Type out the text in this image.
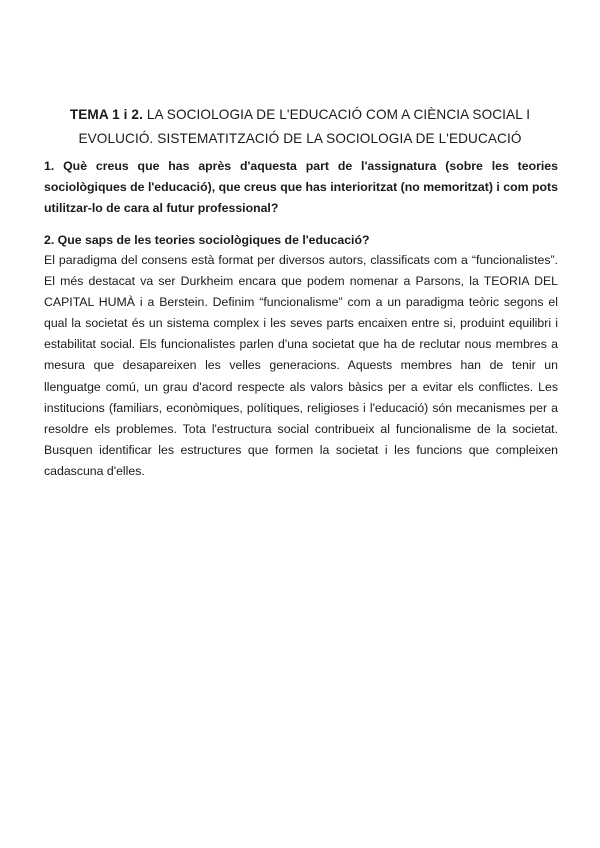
TEMA 1 i 2. LA SOCIOLOGIA DE L'EDUCACIÓ COM A CIÈNCIA SOCIAL I EVOLUCIÓ. SISTEMATITZACIÓ DE LA SOCIOLOGIA DE L'EDUCACIÓ
1. Què creus que has après d'aquesta part de l'assignatura (sobre les teories sociològiques de l'educació), que creus que has interioritzat (no memoritzat) i com pots utilitzar-lo de cara al futur professional?
2. Que saps de les teories sociològiques de l'educació?
El paradigma del consens està format per diversos autors, classificats com a “funcionalistes”. El més destacat va ser Durkheim encara que podem nomenar a Parsons, la TEORIA DEL CAPITAL HUMÀ i a Berstein. Definim “funcionalisme” com a un paradigma teòric segons el qual la societat és un sistema complex i les seves parts encaixen entre si, produint equilibri i estabilitat social. Els funcionalistes parlen d'una societat que ha de reclutar nous membres a mesura que desapareixen les velles generacions. Aquests membres han de tenir un llenguatge comú, un grau d'acord respecte als valors bàsics per a evitar els conflictes. Les institucions (familiars, econòmiques, polítiques, religioses i l'educació) són mecanismes per a resoldre els problemes. Tota l'estructura social contribueix al funcionalisme de la societat. Busquen identificar les estructures que formen la societat i les funcions que compleixen cadascuna d'elles.
